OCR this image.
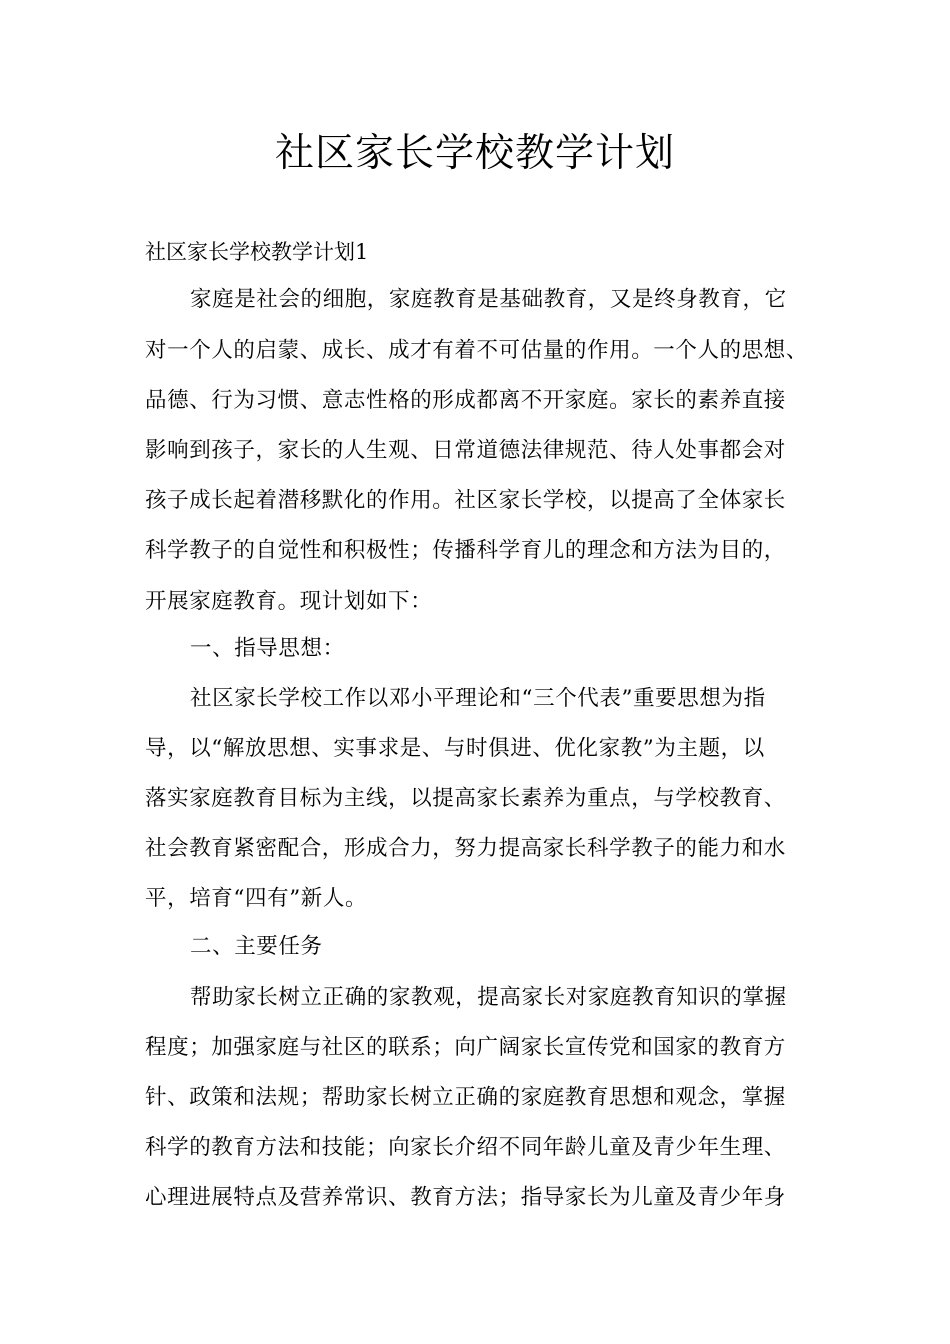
社区家长学校教学计划

社区家长学校教学计划1

家庭是社会的细胞，家庭教育是基础教育，又是终身教育，它

对一个人的启蒙、成长、成才有着不可估量的作用。一个人的思想、

品德、行为习惯、意志性格的形成都离不开家庭。家长的素养直接

影响到孩子，家长的人生观、日常道德法律规范、待人处事都会对

孩子成长起着潜移默化的作用。社区家长学校，以提高了全体家长

科学教子的自觉性和积极性；传播科学育儿的理念和方法为目的，

开展家庭教育。现计划如下：

一、指导思想：

社区家长学校工作以邓小平理论和“三个代表”重要思想为指

导，以“解放思想、实事求是、与时俱进、优化家教”为主题，以

落实家庭教育目标为主线，以提高家长素养为重点，与学校教育、

社会教育紧密配合，形成合力，努力提高家长科学教子的能力和水

平，培育“四有”新人。

二、主要任务

帮助家长树立正确的家教观，提高家长对家庭教育知识的掌握

程度；加强家庭与社区的联系；向广阔家长宣传党和国家的教育方

针、政策和法规；帮助家长树立正确的家庭教育思想和观念，掌握

科学的教育方法和技能；向家长介绍不同年龄儿童及青少年生理、

心理进展特点及营养常识、教育方法；指导家长为儿童及青少年身
